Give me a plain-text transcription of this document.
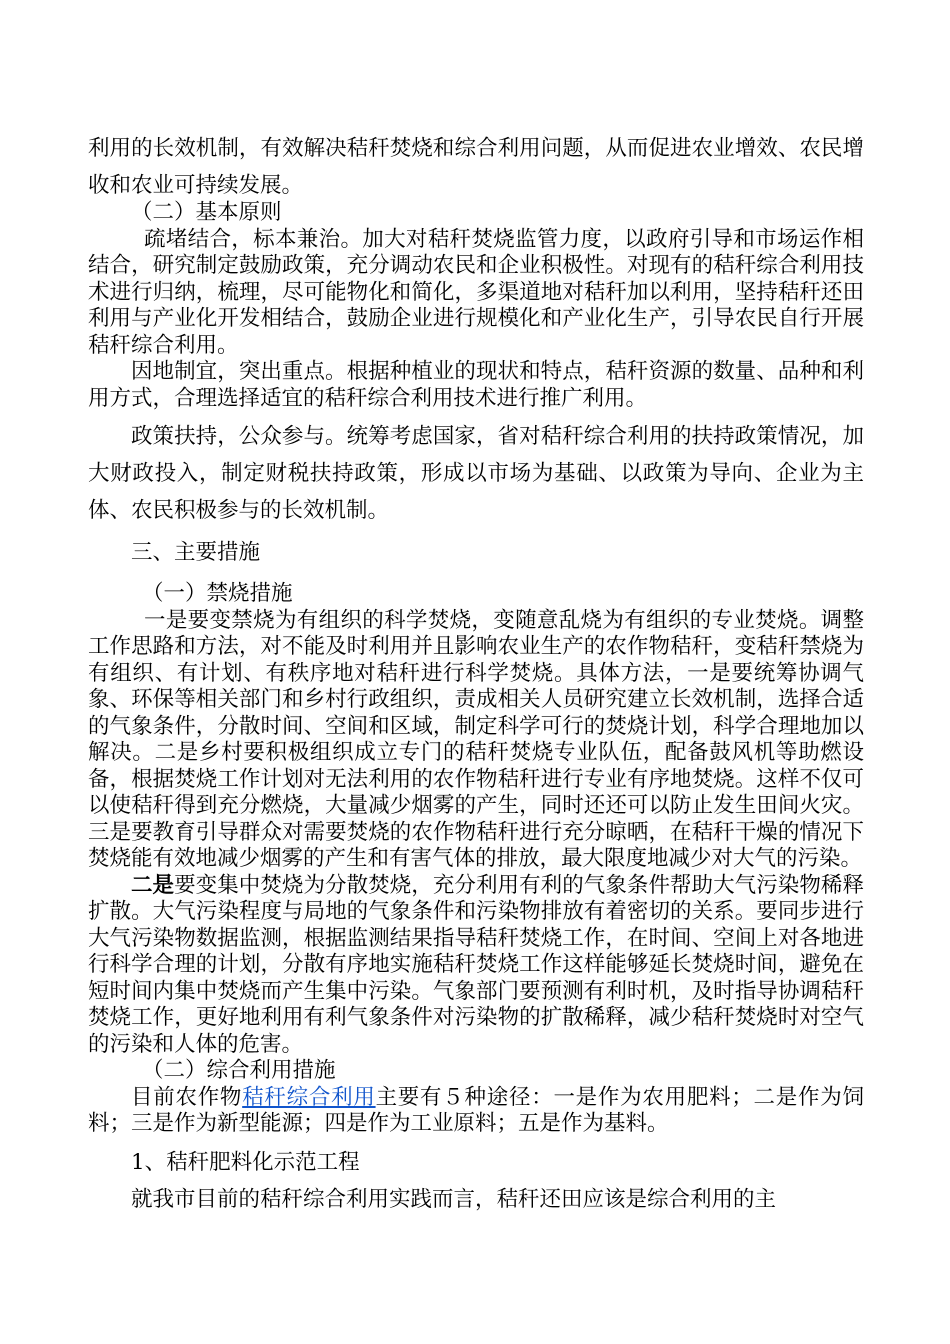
利用的长效机制，有效解决秸秆焚烧和综合利用问题，从而促进农业增效、农民增收和农业可持续发展。

（二）基本原则

疏堵结合，标本兼治。加大对秸秆焚烧监管力度，以政府引导和市场运作相结合，研究制定鼓励政策，充分调动农民和企业积极性。对现有的秸秆综合利用技术进行归纳，梳理，尽可能物化和简化，多渠道地对秸秆加以利用，坚持秸秆还田利用与产业化开发相结合，鼓励企业进行规模化和产业化生产，引导农民自行开展秸秆综合利用。

因地制宜，突出重点。根据种植业的现状和特点，秸秆资源的数量、品种和利用方式，合理选择适宜的秸秆综合利用技术进行推广利用。

政策扶持，公众参与。统筹考虑国家，省对秸秆综合利用的扶持政策情况，加大财政投入，制定财税扶持政策，形成以市场为基础、以政策为导向、企业为主体、农民积极参与的长效机制。

三、主要措施

（一）禁烧措施

一是要变禁烧为有组织的科学焚烧，变随意乱烧为有组织的专业焚烧。调整工作思路和方法，对不能及时利用并且影响农业生产的农作物秸秆，变秸秆禁烧为有组织、有计划、有秩序地对秸秆进行科学焚烧。具体方法，一是要统筹协调气象、环保等相关部门和乡村行政组织，责成相关人员研究建立长效机制，选择合适的气象条件，分散时间、空间和区域，制定科学可行的焚烧计划，科学合理地加以解决。二是乡村要积极组织成立专门的秸秆焚烧专业队伍，配备鼓风机等助燃设备，根据焚烧工作计划对无法利用的农作物秸秆进行专业有序地焚烧。这样不仅可以使秸秆得到充分燃烧，大量减少烟雾的产生，同时还还可以防止发生田间火灾。三是要教育引导群众对需要焚烧的农作物秸秆进行充分晾晒，在秸秆干燥的情况下焚烧能有效地减少烟雾的产生和有害气体的排放，最大限度地减少对大气的污染。

二是要变集中焚烧为分散焚烧，充分利用有利的气象条件帮助大气污染物稀释扩散。大气污染程度与局地的气象条件和污染物排放有着密切的关系。要同步进行大气污染物数据监测，根据监测结果指导秸秆焚烧工作，在时间、空间上对各地进行科学合理的计划，分散有序地实施秸秆焚烧工作这样能够延长焚烧时间，避免在短时间内集中焚烧而产生集中污染。气象部门要预测有利时机，及时指导协调秸秆焚烧工作，更好地利用有利气象条件对污染物的扩散稀释，减少秸秆焚烧时对空气的污染和人体的危害。

（二）综合利用措施

目前农作物秸秆综合利用主要有５种途径：一是作为农用肥料；二是作为饲料；三是作为新型能源；四是作为工业原料；五是作为基料。

1、秸秆肥料化示范工程

就我市目前的秸秆综合利用实践而言，秸秆还田应该是综合利用的主
